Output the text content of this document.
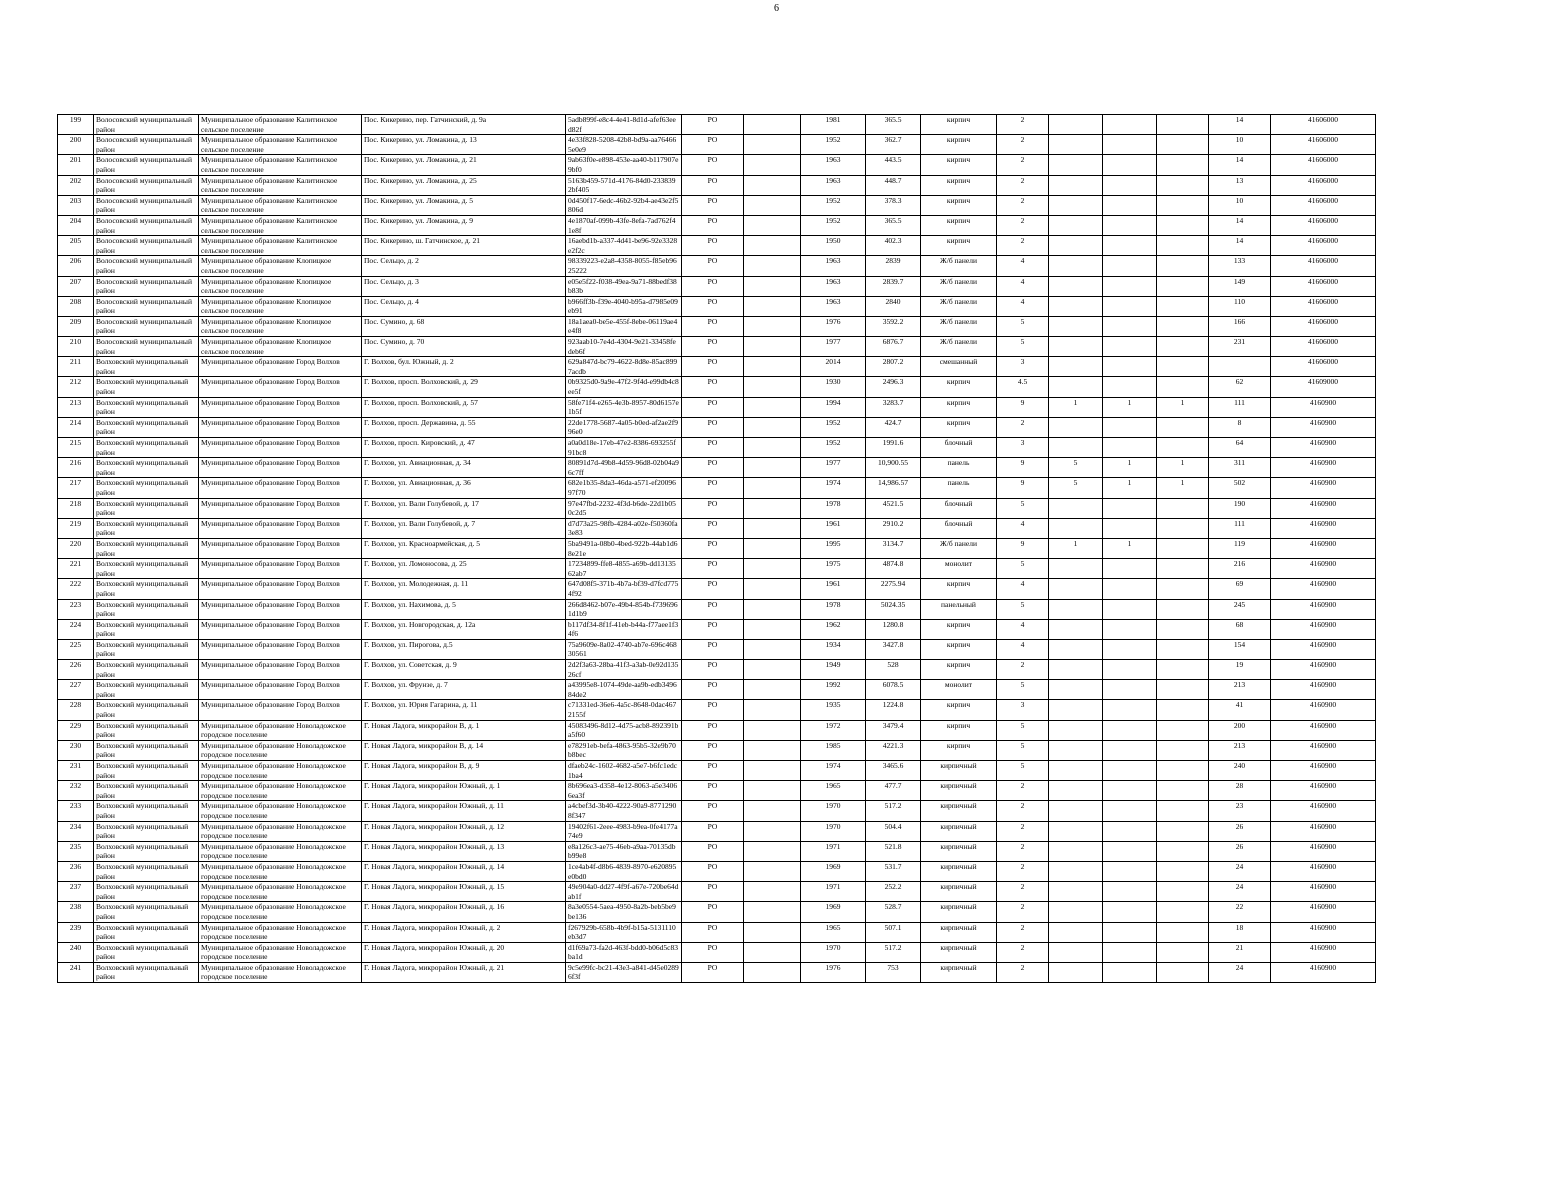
6
199	Волосовский муниципальный район	Муниципальное образование Калитинское сельское поселение	Пос. Кикерино, пер. Гатчинский, д. 9а	5adb899f-e8c4-4e41-8d1d-afef63eed82f	РО		1981	365.5	кирпич	2				14	41606000
200	Волосовский муниципальный район	Муниципальное образование Калитинское сельское поселение	Пос. Кикерино, ул. Ломакина, д. 13	4e33f828-5208-42b8-bd9a-aa764665e0e9	РО		1952	362.7	кирпич	2				10	41606000
201	Волосовский муниципальный район	Муниципальное образование Калитинское сельское поселение	Пос. Кикерино, ул. Ломакина, д. 21	9ab63f0e-e898-453e-aa40-b117907e9bf0	РО		1963	443.5	кирпич	2				14	41606000
202	Волосовский муниципальный район	Муниципальное образование Калитинское сельское поселение	Пос. Кикерино, ул. Ломакина, д. 25	5163b459-571d-4176-84d0-2338392bf405	РО		1963	448.7	кирпич	2				13	41606000
203	Волосовский муниципальный район	Муниципальное образование Калитинское сельское поселение	Пос. Кикерино, ул. Ломакина, д. 5	0d450f17-6edc-46b2-92b4-ae43e2f5806d	РО		1952	378.3	кирпич	2				10	41606000
204	Волосовский муниципальный район	Муниципальное образование Калитинское сельское поселение	Пос. Кикерино, ул. Ломакина, д. 9	4e1870af-099b-43fe-8efa-7ad762f41e8f	РО		1952	365.5	кирпич	2				14	41606000
205	Волосовский муниципальный район	Муниципальное образование Калитинское сельское поселение	Пос. Кикерино, ш. Гатчинское, д. 21	16aebd1b-a337-4d41-be96-92e3328e2f2c	РО		1950	402.3	кирпич	2				14	41606000
206	Волосовский муниципальный район	Муниципальное образование Клопицкое сельское поселение	Пос. Сельцо, д. 2	98339223-e2a8-4358-8055-f85eb9625222	РО		1963	2839	Ж/б панели	4				133	41606000
207	Волосовский муниципальный район	Муниципальное образование Клопицкое сельское поселение	Пос. Сельцо, д. 3	e05e5f22-f038-49ea-9a71-88bedf38b83b	РО		1963	2839.7	Ж/б панели	4				149	41606000
208	Волосовский муниципальный район	Муниципальное образование Клопицкое сельское поселение	Пос. Сельцо, д. 4	b966ff3b-f39e-4040-b95a-d7985e09eb91	РО		1963	2840	Ж/б панели	4				110	41606000
209	Волосовский муниципальный район	Муниципальное образование Клопицкое сельское поселение	Пос. Сумино, д. 68	18a1aea0-be5e-455f-8ebe-06119ae4e4f8	РО		1976	3592.2	Ж/б панели	5				166	41606000
210	Волосовский муниципальный район	Муниципальное образование Клопицкое сельское поселение	Пос. Сумино, д. 70	923aab10-7e4d-4304-9e21-33458fedeb6f	РО		1977	6876.7	Ж/б панели	5				231	41606000
211	Волховский муниципальный район	Муниципальное образование Город Волхов	Г. Волхов, бул. Южный, д. 2	629a847d-bc79-4622-8d8e-85ac8997acdb	РО		2014	2807.2	смешанный	3					41606000
212	Волховский муниципальный район	Муниципальное образование Город Волхов	Г. Волхов, просп. Волховский, д. 29	0b9325d0-9a9e-47f2-9f4d-e99db4c8ee5f	РО		1930	2496.3	кирпич	4.5				62	41609000
213	Волховский муниципальный район	Муниципальное образование Город Волхов	Г. Волхов, просп. Волховский, д. 57	58fe71f4-e265-4e3b-8957-80d6157e1b5f	РО		1994	3283.7	кирпич	9	1	1	1	111	4160900
214	Волховский муниципальный район	Муниципальное образование Город Волхов	Г. Волхов, просп. Державина, д. 55	22de1778-5687-4a05-b0ed-af2ae2f996e0	РО		1952	424.7	кирпич	2				8	4160900
215	Волховский муниципальный район	Муниципальное образование Город Волхов	Г. Волхов, просп. Кировский, д. 47	a0a0d18e-17eb-47e2-8386-693255f91bc8	РО		1952	1991.6	блочный	3				64	4160900
216	Волховский муниципальный район	Муниципальное образование Город Волхов	Г. Волхов, ул. Авиационная, д. 34	80891d7d-49b8-4d59-96d8-02b04a96c7ff	РО		1977	10,900.55	панель	9	5	1	1	311	4160900
217	Волховский муниципальный район	Муниципальное образование Город Волхов	Г. Волхов, ул. Авиационная, д. 36	682e1b35-8da3-46da-a571-ef2009697f70	РО		1974	14,986.57	панель	9	5	1	1	502	4160900
218	Волховский муниципальный район	Муниципальное образование Город Волхов	Г. Волхов, ул. Вали Голубевой, д. 17	97e47fbd-2232-4f3d-b6de-22d1b050c2d5	РО		1978	4521.5	блочный	5				190	4160900
219	Волховский муниципальный район	Муниципальное образование Город Волхов	Г. Волхов, ул. Вали Голубевой, д. 7	d7d73a25-98fb-4284-a02e-f50360fa3e83	РО		1961	2910.2	блочный	4				111	4160900
220	Волховский муниципальный район	Муниципальное образование Город Волхов	Г. Волхов, ул. Красноармейская, д. 5	5ba9491a-08b0-4bed-922b-44ab1d68e21e	РО		1995	3134.7	Ж/б панели	9	1	1		119	4160900
221	Волховский муниципальный район	Муниципальное образование Город Волхов	Г. Волхов, ул. Ломоносова, д. 25	17234899-ffe8-4855-a69b-dd1313562ab7	РО		1975	4874.8	монолит	5				216	4160900
222	Волховский муниципальный район	Муниципальное образование Город Волхов	Г. Волхов, ул. Молодежная, д. 11	647d08f5-371b-4b7a-bf39-d7fcd7754f92	РО		1961	2275.94	кирпич	4				69	4160900
223	Волховский муниципальный район	Муниципальное образование Город Волхов	Г. Волхов, ул. Нахимова, д. 5	266d8462-b07e-49b4-854b-f7396961d1b9	РО		1978	5024.35	панельный	5				245	4160900
224	Волховский муниципальный район	Муниципальное образование Город Волхов	Г. Волхов, ул. Новгородская, д. 12а	b117df34-8f1f-41eb-b44a-f77aee1f34f6	РО		1962	1280.8	кирпич	4				68	4160900
225	Волховский муниципальный район	Муниципальное образование Город Волхов	Г. Волхов, ул. Пирогова, д.5	75a9609e-8a02-4740-ab7e-696c46830561	РО		1934	3427.8	кирпич	4				154	4160900
226	Волховский муниципальный район	Муниципальное образование Город Волхов	Г. Волхов, ул. Советская, д. 9	2d2f3a63-28ba-41f3-a3ab-0e92d13526cf	РО		1949	528	кирпич	2				19	4160900
227	Волховский муниципальный район	Муниципальное образование Город Волхов	Г. Волхов, ул. Фрунзе, д. 7	a43995e8-1074-49de-aa9b-edb349684de2	РО		1992	6078.5	монолит	5				213	4160900
228	Волховский муниципальный район	Муниципальное образование Город Волхов	Г. Волхов, ул. Юрия Гагарина, д. 11	c71331ed-36e6-4a5c-8648-0dac4672155f	РО		1935	1224.8	кирпич	3				41	4160900
229	Волховский муниципальный район	Муниципальное образование Новоладожское городское поселение	Г. Новая Ладога, микрорайон В, д. 1	45083496-8d12-4d75-acb8-892391ba5f60	РО		1972	3479.4	кирпич	5				200	4160900
230	Волховский муниципальный район	Муниципальное образование Новоладожское городское поселение	Г. Новая Ладога, микрорайон В, д. 14	e78291eb-befa-4863-95b5-32e9b70b8bec	РО		1985	4221.3	кирпич	5				213	4160900
231	Волховский муниципальный район	Муниципальное образование Новоладожское городское поселение	Г. Новая Ладога, микрорайон В, д. 9	dfaeb24c-1602-4682-a5e7-b6fc1edc1ba4	РО		1974	3465.6	кирпичный	5				240	4160900
232	Волховский муниципальный район	Муниципальное образование Новоладожское городское поселение	Г. Новая Ладога, микрорайон Южный, д. 1	8b696ea3-d358-4e12-8063-a5e34066ea3f	РО		1965	477.7	кирпичный	2				28	4160900
233	Волховский муниципальный район	Муниципальное образование Новоладожское городское поселение	Г. Новая Ладога, микрорайон Южный, д. 11	a4cbef3d-3b40-4222-90a9-87712908f347	РО		1970	517.2	кирпичный	2				23	4160900
234	Волховский муниципальный район	Муниципальное образование Новоладожское городское поселение	Г. Новая Ладога, микрорайон Южный, д. 12	19402f61-2eee-4983-b9ea-0fe4177a74e9	РО		1970	504.4	кирпичный	2				26	4160900
235	Волховский муниципальный район	Муниципальное образование Новоладожское городское поселение	Г. Новая Ладога, микрорайон Южный, д. 13	e8a126c3-ae75-46eb-a9aa-70135dbb99e8	РО		1971	521.8	кирпичный	2				26	4160900
236	Волховский муниципальный район	Муниципальное образование Новоладожское городское поселение	Г. Новая Ладога, микрорайон Южный, д. 14	1ce4ab4f-d8b6-4839-8970-e620895e0bd0	РО		1969	531.7	кирпичный	2				24	4160900
237	Волховский муниципальный район	Муниципальное образование Новоладожское городское поселение	Г. Новая Ладога, микрорайон Южный, д. 15	49e904a0-dd27-4f9f-a67e-720be64dab1f	РО		1971	252.2	кирпичный	2				24	4160900
238	Волховский муниципальный район	Муниципальное образование Новоладожское городское поселение	Г. Новая Ладога, микрорайон Южный, д. 16	8a3e0554-5aea-4950-8a2b-beb5be9be136	РО		1969	528.7	кирпичный	2				22	4160900
239	Волховский муниципальный район	Муниципальное образование Новоладожское городское поселение	Г. Новая Ладога, микрорайон Южный, д. 2	f267929b-658b-4b9f-b15a-5131110eb3d7	РО		1965	507.1	кирпичный	2				18	4160900
240	Волховский муниципальный район	Муниципальное образование Новоладожское городское поселение	Г. Новая Ладога, микрорайон Южный, д. 20	d1f69a73-fa2d-463f-bdd0-b06d5c83ba1d	РО		1970	517.2	кирпичный	2				21	4160900
241	Волховский муниципальный район	Муниципальное образование Новоладожское городское поселение	Г. Новая Ладога, микрорайон Южный, д. 21	9c5e99fc-bc21-43e3-a841-d45e02896f3f	РО		1976	753	кирпичный	2				24	4160900
